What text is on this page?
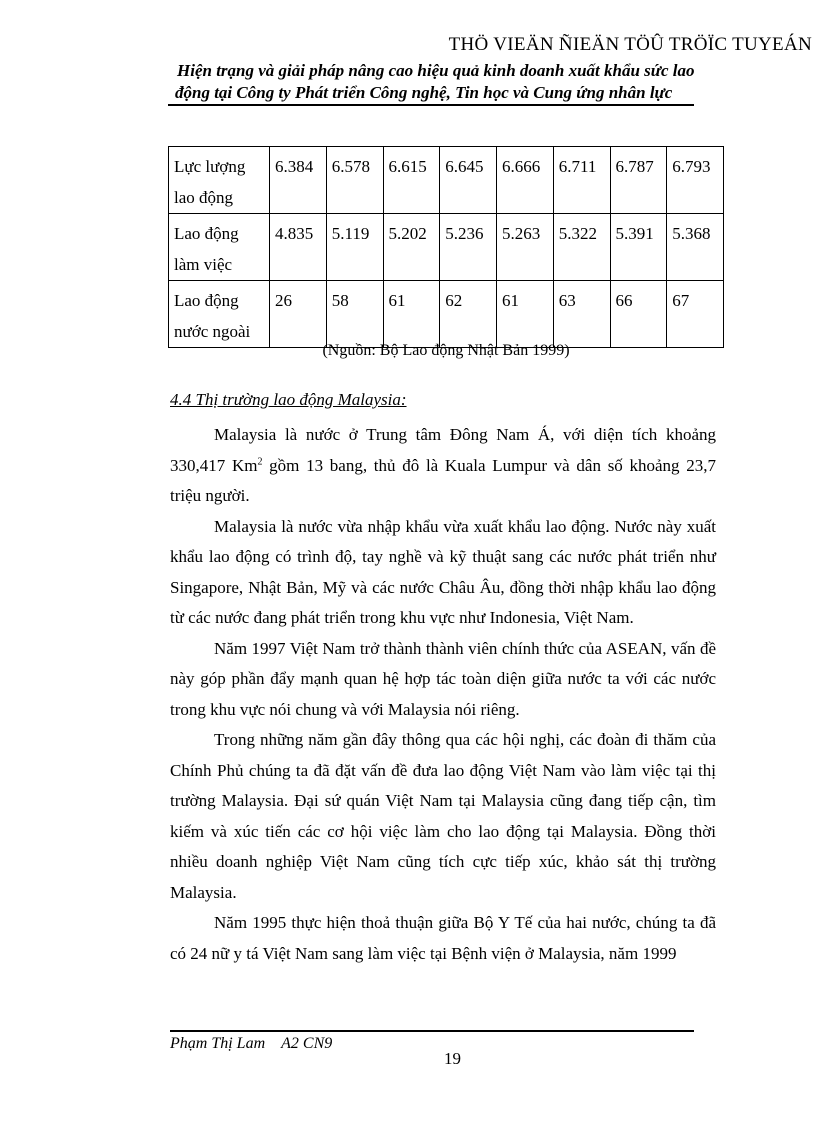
THÖ VIEÄN ÑIEÄN TÖÛ TRÖÏC TUYEÁN
Hiện trạng và giải pháp nâng cao hiệu quả kinh doanh xuất khẩu sức lao
động tại Công ty Phát triển Công nghệ, Tin học và Cung ứng nhân lực
Lực lượng
lao động	6.384	6.578	6.615	6.645	6.666	6.711	6.787	6.793

Lao động
làm việc	4.835	5.119	5.202	5.236	5.263	5.322	5.391	5.368

Lao động
nước ngoài	26	58	61	62	61	63	66	67
(Nguồn: Bộ Lao động Nhật Bản 1999)
4.4 Thị trường lao động Malaysia:

Malaysia là nước ở Trung tâm Đông Nam Á, với diện tích khoảng 330,417 Km$^2$ gồm 13 bang, thủ đô là Kuala Lumpur và dân số khoảng 23,7 triệu người.

Malaysia là nước vừa nhập khẩu vừa xuất khẩu lao động. Nước này xuất khẩu lao động có trình độ, tay nghề và kỹ thuật sang các nước phát triển như Singapore, Nhật Bản, Mỹ và các nước Châu Âu, đồng thời nhập khẩu lao động từ các nước đang phát triển trong khu vực như Indonesia, Việt Nam.

Năm 1997 Việt Nam trở thành thành viên chính thức của ASEAN, vấn đề này góp phần đẩy mạnh quan hệ hợp tác toàn diện giữa nước ta với các nước trong khu vực nói chung và với Malaysia nói riêng.

Trong những năm gần đây thông qua các hội nghị, các đoàn đi thăm của Chính Phủ chúng ta đã đặt vấn đề đưa lao động Việt Nam vào làm việc tại thị trường Malaysia. Đại sứ quán Việt Nam tại Malaysia cũng đang tiếp cận, tìm kiếm và xúc tiến các cơ hội việc làm cho lao động tại Malaysia. Đồng thời nhiều doanh nghiệp Việt Nam cũng tích cực tiếp xúc, khảo sát thị trường Malaysia.

Năm 1995 thực hiện thoả thuận giữa Bộ Y Tế của hai nước, chúng ta đã có 24 nữ y tá Việt Nam sang làm việc tại Bệnh viện ở Malaysia, năm 1999

Phạm Thị Lam A2 CN9
19
